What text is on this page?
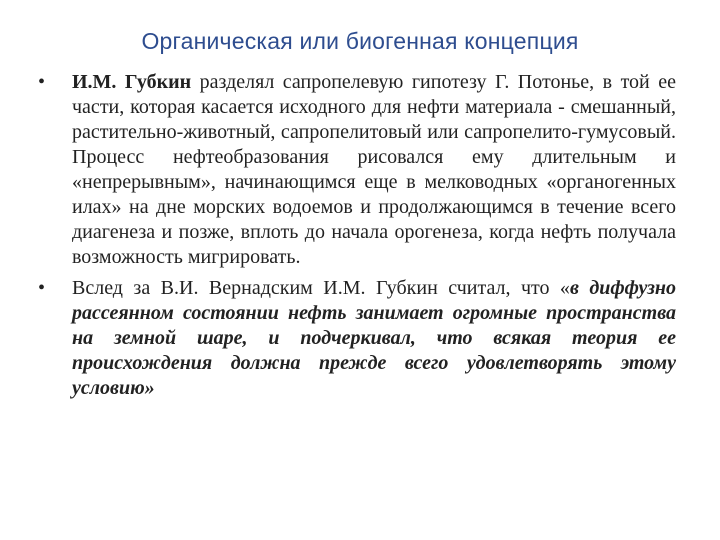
Органическая или биогенная концепция

•	И.М. Губкин разделял сапропелевую гипотезу Г. Потонье, в той ее части, которая касается исходного для нефти материала - смешанный, растительно-животный, сапропелитовый или сапропелито-гумусовый. Процесс нефтеобразования рисовался ему длительным и «непрерывным», начинающимся еще в мелководных «органогенных илах» на дне морских водоемов и продолжающимся в течение всего диагенеза и позже, вплоть до начала орогенеза, когда нефть получала возможность мигрировать.

•	Вслед за В.И. Вернадским И.М. Губкин считал, что «в диффузно рассеянном состоянии нефть занимает огромные пространства на земной шаре, и подчеркивал, что всякая теория ее происхождения должна прежде всего удовлетворять этому условию»
